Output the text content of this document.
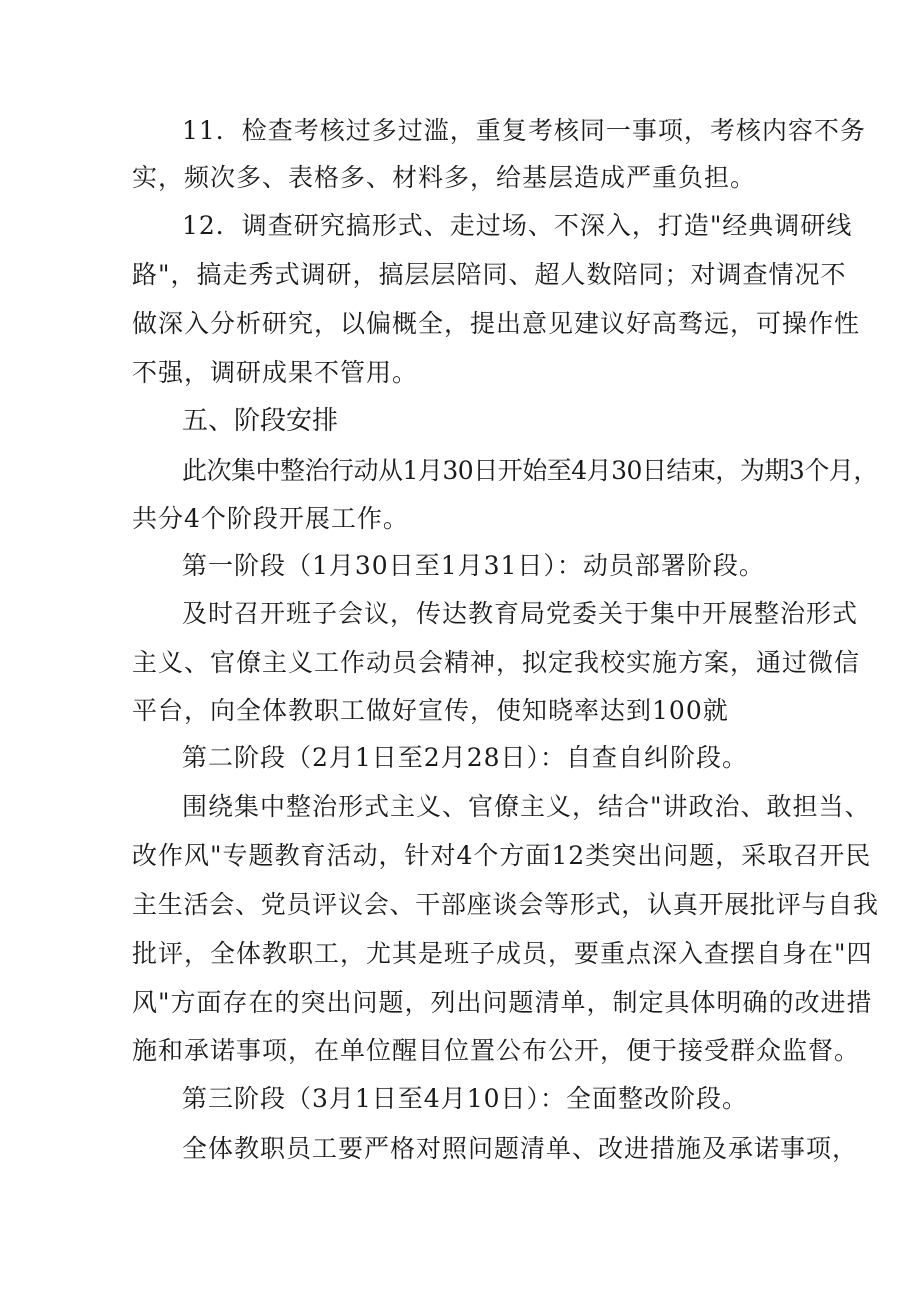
11．检查考核过多过滥，重复考核同一事项，考核内容不务
实，频次多、表格多、材料多，给基层造成严重负担。
12．调查研究搞形式、走过场、不深入，打造"经典调研线
路"，搞走秀式调研，搞层层陪同、超人数陪同；对调查情况不
做深入分析研究，以偏概全，提出意见建议好高骛远，可操作性
不强，调研成果不管用。
五、阶段安排
此次集中整治行动从1月30日开始至4月30日结束，为期3个月，
共分4个阶段开展工作。
第一阶段（1月30日至1月31日）：动员部署阶段。
及时召开班子会议，传达教育局党委关于集中开展整治形式
主义、官僚主义工作动员会精神，拟定我校实施方案，通过微信
平台，向全体教职工做好宣传，使知晓率达到100就
第二阶段（2月1日至2月28日）：自查自纠阶段。
围绕集中整治形式主义、官僚主义，结合"讲政治、敢担当、
改作风"专题教育活动，针对4个方面12类突出问题，采取召开民
主生活会、党员评议会、干部座谈会等形式，认真开展批评与自我
批评，全体教职工，尤其是班子成员，要重点深入查摆自身在"四
风"方面存在的突出问题，列出问题清单，制定具体明确的改进措
施和承诺事项，在单位醒目位置公布公开，便于接受群众监督。
第三阶段（3月1日至4月10日）：全面整改阶段。
全体教职员工要严格对照问题清单、改进措施及承诺事项，
